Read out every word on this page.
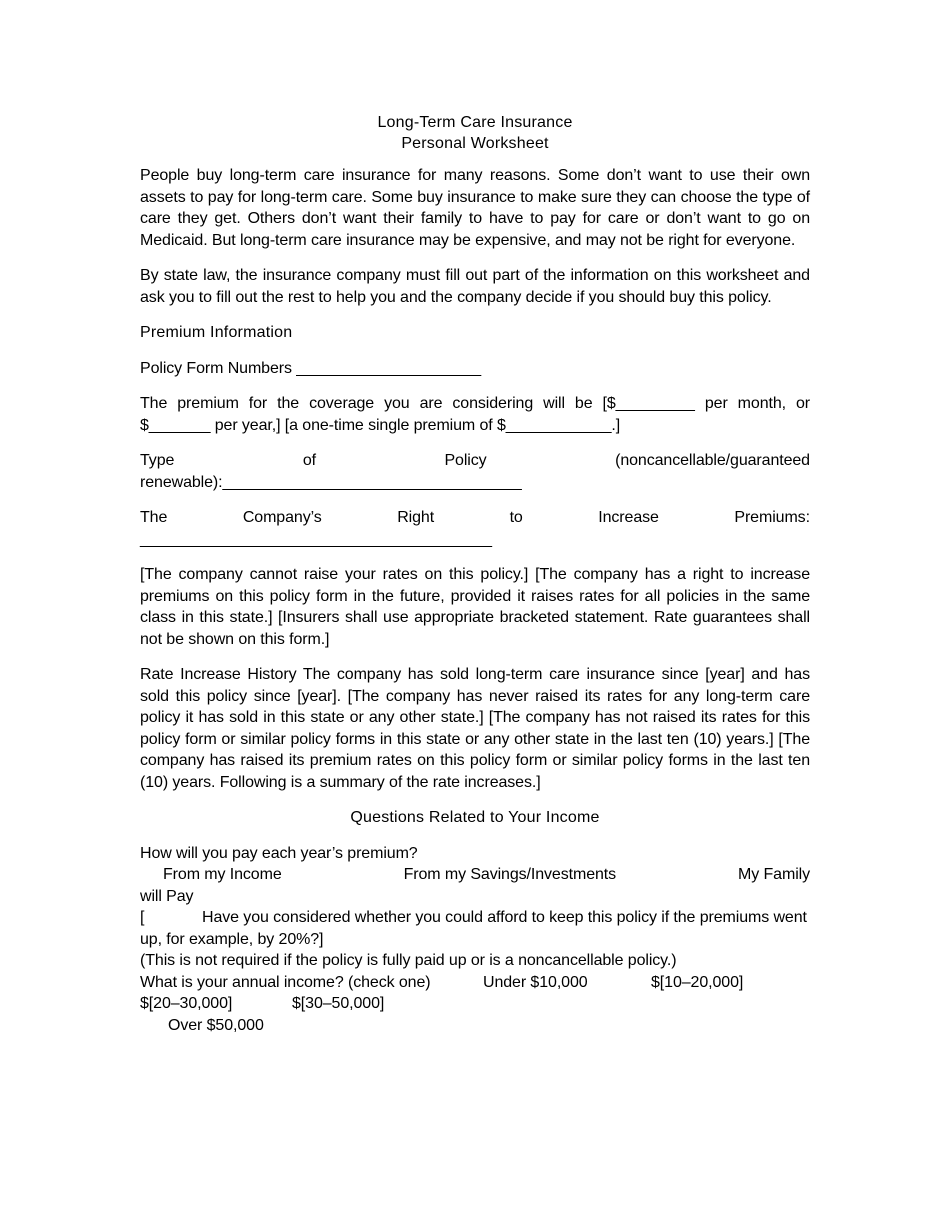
Long-Term Care Insurance
Personal Worksheet

People buy long-term care insurance for many reasons. Some don’t want to use their own assets to pay for long-term care. Some buy insurance to make sure they can choose the type of care they get. Others don’t want their family to have to pay for care or don’t want to go on Medicaid. But long-term care insurance may be expensive, and may not be right for everyone.

By state law, the insurance company must fill out part of the information on this worksheet and ask you to fill out the rest to help you and the company decide if you should buy this policy.

Premium Information

Policy Form Numbers _____________________

The premium for the coverage you are considering will be [$_________ per month, or $_______ per year,] [a one-time single premium of $____________.]

Type	of	Policy	(noncancellable/guaranteed
renewable):__________________________________
The	Company’s	Right	to	Increase	Premiums:
________________________________________

[The company cannot raise your rates on this policy.] [The company has a right to increase premiums on this policy form in the future, provided it raises rates for all policies in the same class in this state.] [Insurers shall use appropriate bracketed statement. Rate guarantees shall not be shown on this form.]

Rate Increase History The company has sold long-term care insurance since [year] and has sold this policy since [year]. [The company has never raised its rates for any long-term care policy it has sold in this state or any other state.] [The company has not raised its rates for this policy form or similar policy forms in this state or any other state in the last ten (10) years.] [The company has raised its premium rates on this policy form or similar policy forms in the last ten (10) years. Following is a summary of the rate increases.]

Questions Related to Your Income
How will you pay each year’s premium?
From my Income	From my Savings/Investments	My Family
will Pay
[	Have you considered whether you could afford to keep this policy if the premiums went up, for example, by 20%?]
(This is not required if the policy is fully paid up or is a noncancellable policy.)
What is your annual income? (check one)	Under $10,000	$[10–20,000]
$[20–30,000]	$[30–50,000]
Over $50,000
